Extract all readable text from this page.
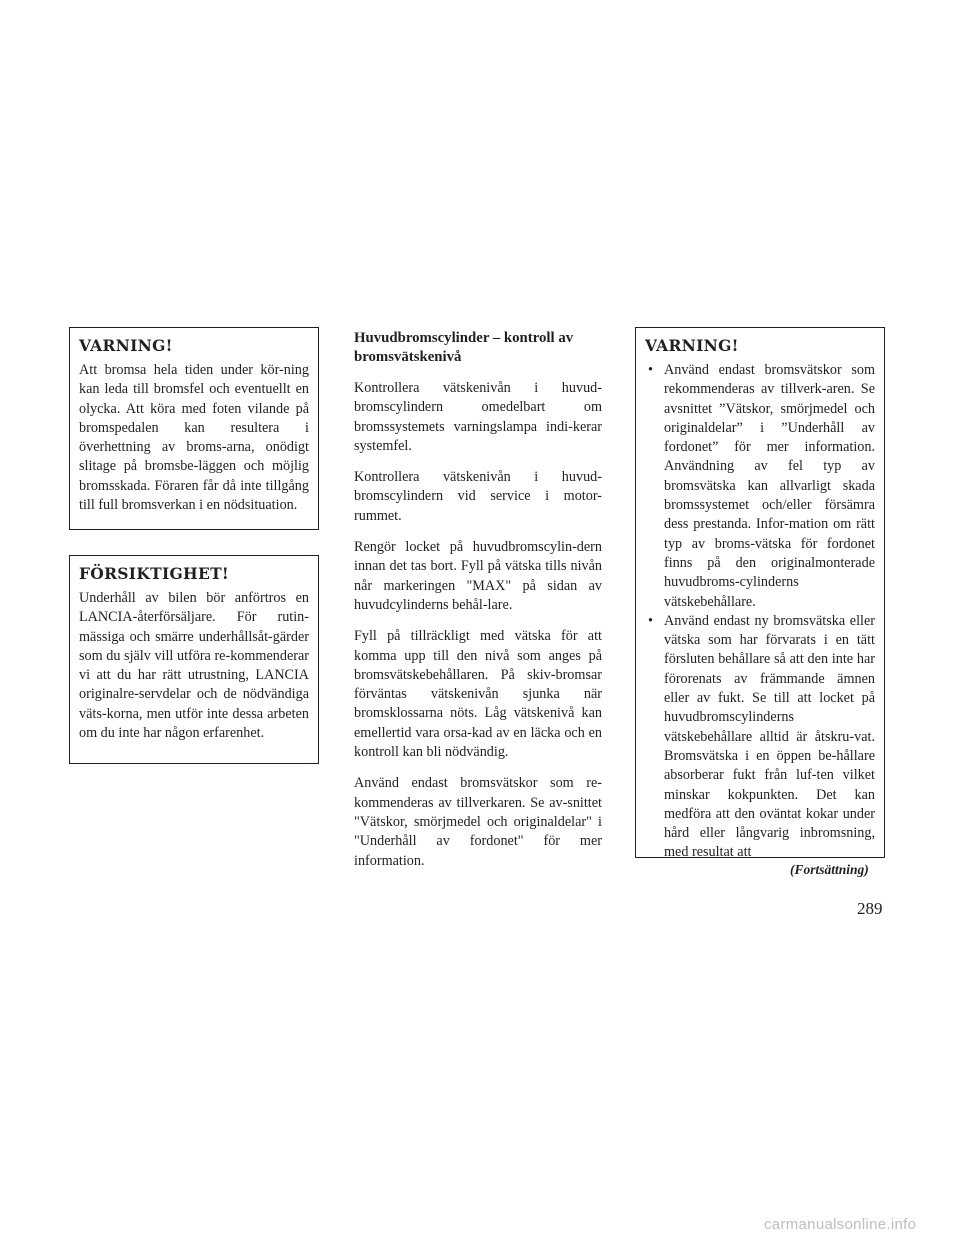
VARNING!

Att bromsa hela tiden under kör-ning kan leda till bromsfel och eventuellt en olycka. Att köra med foten vilande på bromspedalen kan resultera i överhettning av broms-arna, onödigt slitage på bromsbe-läggen och möjlig bromsskada. Föraren får då inte tillgång till full bromsverkan i en nödsituation.

FÖRSIKTIGHET!

Underhåll av bilen bör anförtros en LANCIA-återförsäljare. För rutin-mässiga och smärre underhållsåt-gärder som du själv vill utföra re-kommenderar vi att du har rätt utrustning, LANCIA originalre-servdelar och de nödvändiga väts-korna, men utför inte dessa arbeten om du inte har någon erfarenhet.

Huvudbromscylinder – kontroll av bromsvätskenivå

Kontrollera vätskenivån i huvud-bromscylindern omedelbart om bromssystemets varningslampa indi-kerar systemfel.

Kontrollera vätskenivån i huvud-bromscylindern vid service i motor-rummet.

Rengör locket på huvudbromscylin-dern innan det tas bort. Fyll på vätska tills nivån når markeringen "MAX" på sidan av huvudcylinderns behål-lare.

Fyll på tillräckligt med vätska för att komma upp till den nivå som anges på bromsvätskebehållaren. På skiv-bromsar förväntas vätskenivån sjunka när bromsklossarna nöts. Låg vätskenivå kan emellertid vara orsa-kad av en läcka och en kontroll kan bli nödvändig.

Använd endast bromsvätskor som re-kommenderas av tillverkaren. Se av-snittet "Vätskor, smörjmedel och originaldelar" i "Underhåll av fordonet" för mer information.

VARNING!
• Använd endast bromsvätskor som rekommenderas av tillverk-aren. Se avsnittet ”Vätskor, smörjmedel och originaldelar” i ”Underhåll av fordonet” för mer information. Användning av fel typ av bromsvätska kan allvarligt skada bromssystemet och/eller försämra dess prestanda. Infor-mation om rätt typ av broms-vätska för fordonet finns på den originalmonterade huvudbroms-cylinderns vätskebehållare.
• Använd endast ny bromsvätska eller vätska som har förvarats i en tätt försluten behållare så att den inte har förorenats av främmande ämnen eller av fukt. Se till att locket på huvudbromscylinderns vätskebehållare alltid är åtskru-vat. Bromsvätska i en öppen be-hållare absorberar fukt från luf-ten vilket minskar kokpunkten. Det kan medföra att den oväntat kokar under hård eller långvarig inbromsning, med resultat att
(Fortsättning)
289
carmanualsonline.info
